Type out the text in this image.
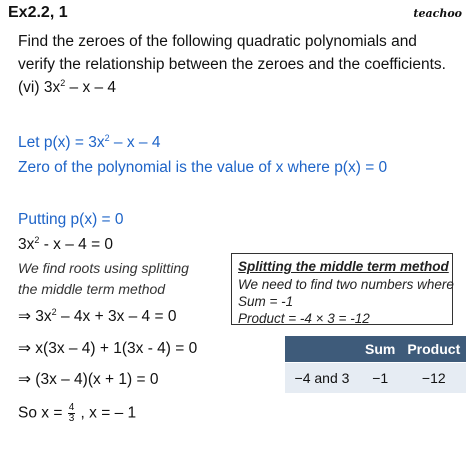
Ex2.2, 1	teachoo
Find the zeroes of the following quadratic polynomials and
verify the relationship between the zeroes and the coefficients.
(vi) $3x^2$ – x – 4
Let $p(x) = 3x^2 - x - 4$
Zero of the polynomial is the value of x where p(x) = 0
Putting p(x) = 0
$3x^2 - x - 4 = 0$
We find roots using splitting
the middle term method
⇒ $3x^2 - 4x + 3x - 4 = 0$
⇒ x(3x – 4) + 1(3x - 4) = 0
⇒ (3x – 4)(x + 1) = 0
So $x = \frac{4}{3}$ , x = – 1
Splitting the middle term method
We need to find two numbers where
Sum = -1
Product = -4 × 3 = -12
	Sum	Product
−4 and 3	−1	−12
